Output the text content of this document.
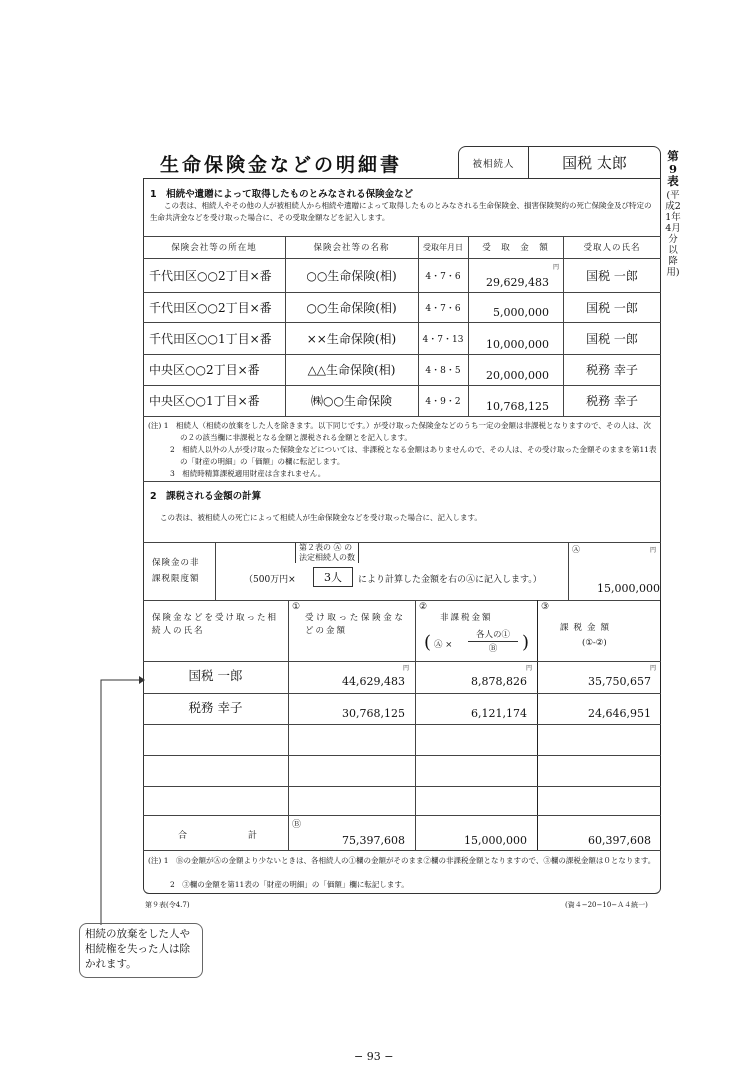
生命保険金などの明細書	被相続人	国税 太郎	第9表
(平成21年4月分以降用)
1　相続や遺贈によって取得したものとみなされる保険金など
この表は、相続人やその他の人が被相続人から相続や遺贈によって取得したものとみなされる生命保険金、損害保険契約の死亡保険金及び特定の生命共済金などを受け取った場合に、その受取金額などを記入します。
保険会社等の所在地	保険会社等の名称	受取年月日	受　取　金　額	受取人の氏名
円
千代田区○○2丁目×番	○○生命保険(相)	4・7・6	29,629,483	国税 一郎
千代田区○○2丁目×番	○○生命保険(相)	4・7・6	5,000,000	国税 一郎
千代田区○○1丁目×番	××生命保険(相)	4・7・13	10,000,000	国税 一郎
中央区○○2丁目×番	△△生命保険(相)	4・8・5	20,000,000	税務 幸子
中央区○○1丁目×番	㈱○○生命保険	4・9・2	10,768,125	税務 幸子
(注) 1　相続人（相続の放棄をした人を除きます。以下同じです。）が受け取った保険金などのうち一定の金額は非課税となりますので、その人は、次の２の該当欄に非課税となる金額と課税される金額とを記入します。
2　相続人以外の人が受け取った保険金などについては、非課税となる金額はありませんので、その人は、その受け取った金額そのままを第11表の「財産の明細」の「価額」の欄に転記します。
3　相続時精算課税適用財産は含まれません。
2　課税される金額の計算
この表は、被相続人の死亡によって相続人が生命保険金などを受け取った場合に、記入します。
保険金の非
課税限度額
第２表の Ⓐ の
法定相続人の数
（500万円×	3人	により計算した金額を右のⒶに記入します。）
Ⓐ	円
15,000,000
保険金などを受け取った相続人の氏名
①
受け取った保険金などの金額
②
非課税金額
( Ⓐ ×
各人の①
Ⓑ	)
③
課税金額
(①-②)
円	円	円
国税 一郎	44,629,483	8,878,826	35,750,657
税務 幸子	30,768,125	6,121,174	24,646,951
合	計
Ⓑ
75,397,608	15,000,000	60,397,608
(注) 1　Ⓑの金額がⒶの金額より少ないときは、各相続人の①欄の金額がそのまま②欄の非課税金額となりますので、③欄の課税金額は０となります。
2　③欄の金額を第11表の「財産の明細」の「価額」欄に転記します。
第９表(令4.7)	(資４−20−10−Ａ４統一)
相続の放棄をした人や相続権を失った人は除かれます。
− 93 −
